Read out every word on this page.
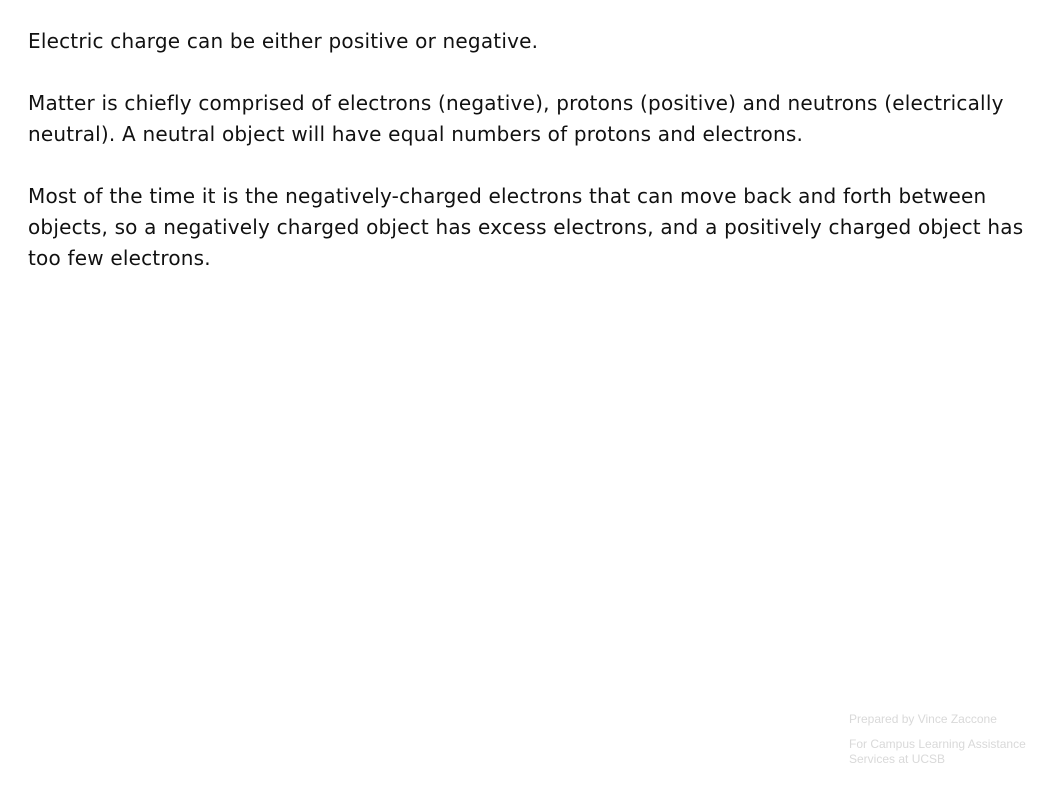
Electric charge can be either positive or negative.

Matter is chiefly comprised of electrons (negative), protons (positive) and neutrons (electrically neutral). A neutral object will have equal numbers of protons and electrons.

Most of the time it is the negatively-charged electrons that can move back and forth between objects, so a negatively charged object has excess electrons, and a positively charged object has too few electrons.

Prepared by Vince Zaccone

For Campus Learning Assistance Services at UCSB
